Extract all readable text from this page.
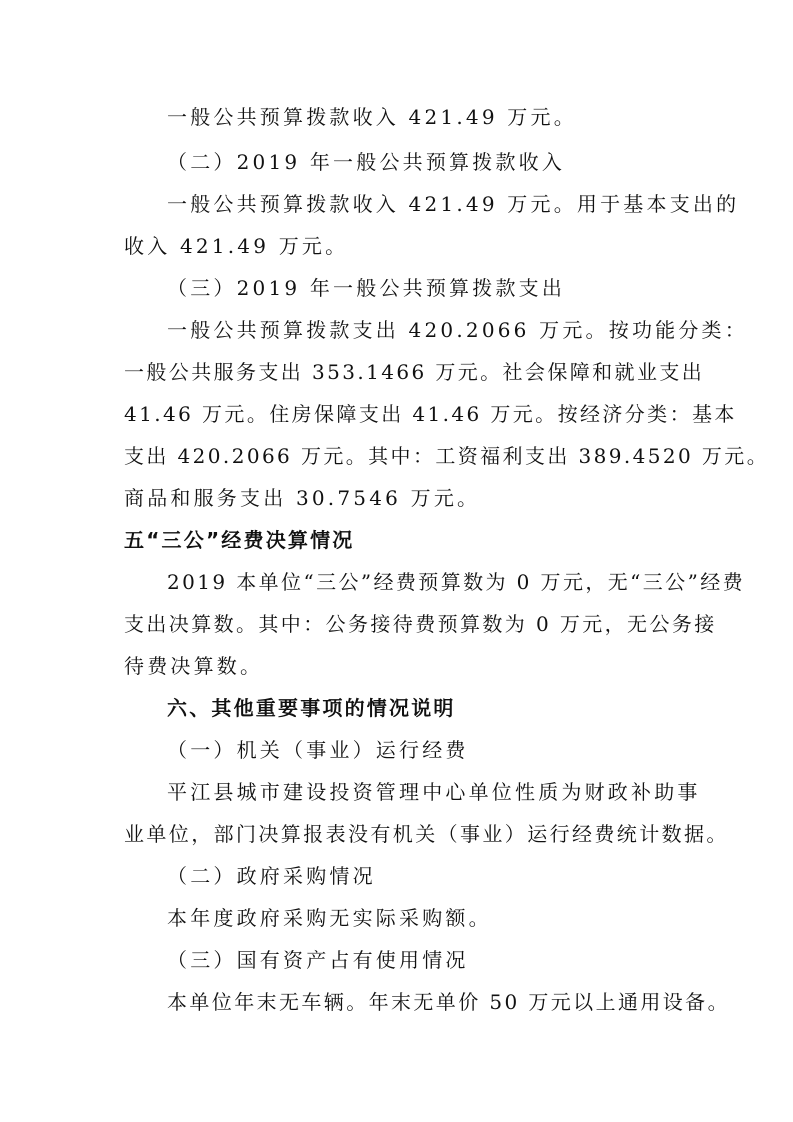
一般公共预算拨款收入 421.49 万元。
（二）2019 年一般公共预算拨款收入
一般公共预算拨款收入 421.49 万元。用于基本支出的
收入 421.49 万元。
（三）2019 年一般公共预算拨款支出
一般公共预算拨款支出 420.2066 万元。按功能分类：
一般公共服务支出 353.1466 万元。社会保障和就业支出
41.46 万元。住房保障支出 41.46 万元。按经济分类：基本
支出 420.2066 万元。其中：工资福利支出 389.4520 万元。
商品和服务支出 30.7546 万元。
五“三公”经费决算情况
2019 本单位“三公”经费预算数为 0 万元，无“三公”经费
支出决算数。其中：公务接待费预算数为 0 万元，无公务接
待费决算数。
六、其他重要事项的情况说明
（一）机关（事业）运行经费
平江县城市建设投资管理中心单位性质为财政补助事
业单位，部门决算报表没有机关（事业）运行经费统计数据。
（二）政府采购情况
本年度政府采购无实际采购额。
（三）国有资产占有使用情况
本单位年末无车辆。年末无单价 50 万元以上通用设备。
